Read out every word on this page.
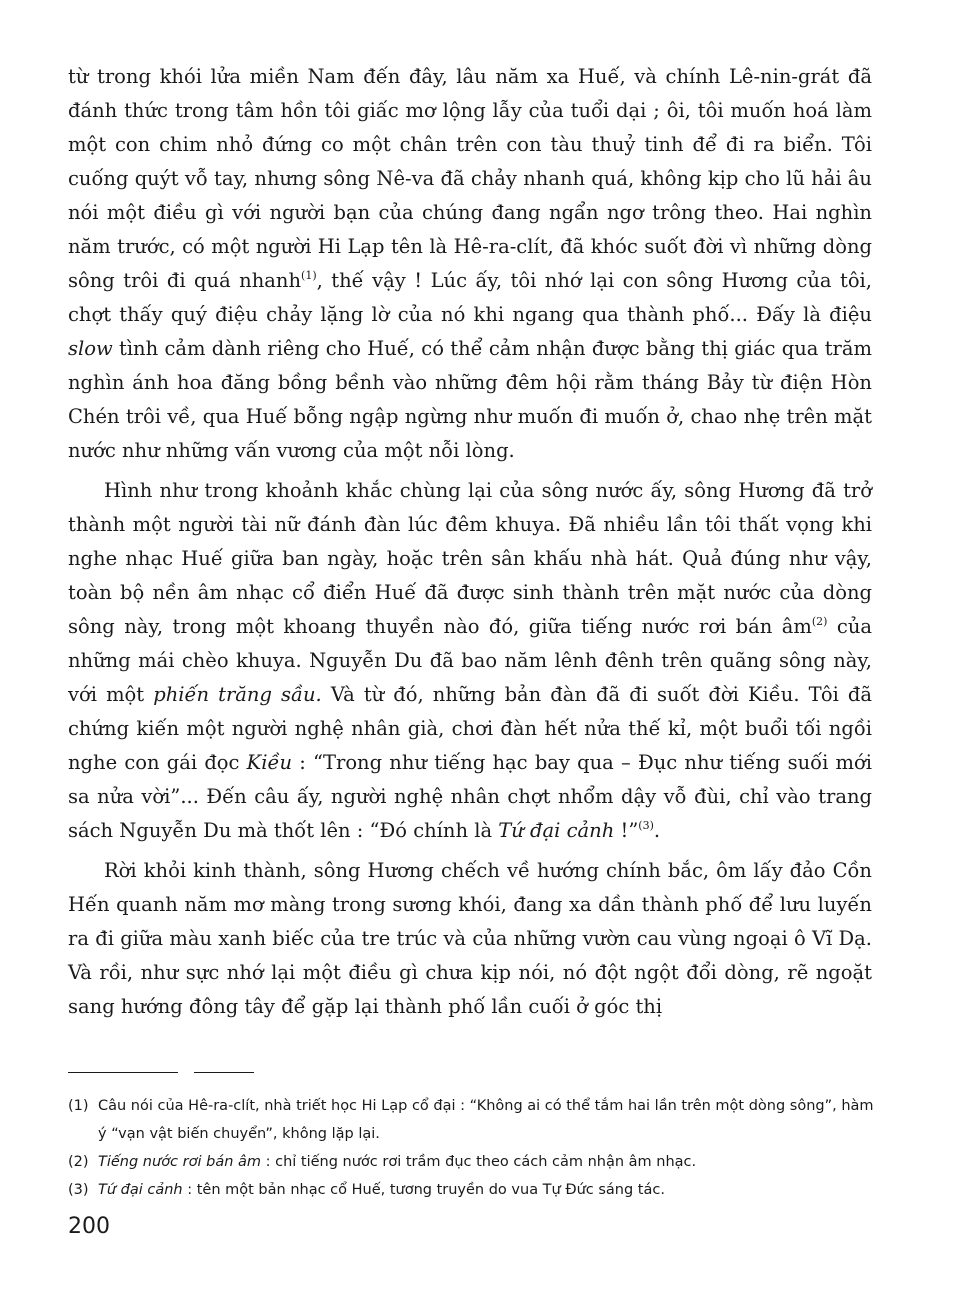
từ trong khói lửa miền Nam đến đây, lâu năm xa Huế, và chính Lê-nin-grát đã đánh thức trong tâm hồn tôi giấc mơ lộng lẫy của tuổi dại ; ôi, tôi muốn hoá làm một con chim nhỏ đứng co một chân trên con tàu thuỷ tinh để đi ra biển. Tôi cuống quýt vỗ tay, nhưng sông Nê-va đã chảy nhanh quá, không kịp cho lũ hải âu nói một điều gì với người bạn của chúng đang ngẩn ngơ trông theo. Hai nghìn năm trước, có một người Hi Lạp tên là Hê-ra-clít, đã khóc suốt đời vì những dòng sông trôi đi quá nhanh$^{(1)}$, thế vậy ! Lúc ấy, tôi nhớ lại con sông Hương của tôi, chợt thấy quý điệu chảy lặng lờ của nó khi ngang qua thành phố... Đấy là điệu slow tình cảm dành riêng cho Huế, có thể cảm nhận được bằng thị giác qua trăm nghìn ánh hoa đăng bồng bềnh vào những đêm hội rằm tháng Bảy từ điện Hòn Chén trôi về, qua Huế bỗng ngập ngừng như muốn đi muốn ở, chao nhẹ trên mặt nước như những vấn vương của một nỗi lòng.

Hình như trong khoảnh khắc chùng lại của sông nước ấy, sông Hương đã trở thành một người tài nữ đánh đàn lúc đêm khuya. Đã nhiều lần tôi thất vọng khi nghe nhạc Huế giữa ban ngày, hoặc trên sân khấu nhà hát. Quả đúng như vậy, toàn bộ nền âm nhạc cổ điển Huế đã được sinh thành trên mặt nước của dòng sông này, trong một khoang thuyền nào đó, giữa tiếng nước rơi bán $âm^{(2)}$ của những mái chèo khuya. Nguyễn Du đã bao năm lênh đênh trên quãng sông này, với một phiến trăng sầu. Và từ đó, những bản đàn đã đi suốt đời Kiều. Tôi đã chứng kiến một người nghệ nhân già, chơi đàn hết nửa thế kỉ, một buổi tối ngồi nghe con gái đọc Kiều : “Trong như tiếng hạc bay qua – Đục như tiếng suối mới sa nửa vời”... Đến câu ấy, người nghệ nhân chợt nhổm dậy vỗ đùi, chỉ vào trang sách Nguyễn Du mà thốt lên : “Đó chính là Tứ đại cảnh !”$^{(3)}$.

Rời khỏi kinh thành, sông Hương chếch về hướng chính bắc, ôm lấy đảo Cồn Hến quanh năm mơ màng trong sương khói, đang xa dần thành phố để lưu luyến ra đi giữa màu xanh biếc của tre trúc và của những vườn cau vùng ngoại ô Vĩ Dạ. Và rồi, như sực nhớ lại một điều gì chưa kịp nói, nó đột ngột đổi dòng, rẽ ngoặt sang hướng đông tây để gặp lại thành phố lần cuối ở góc thị

(1) Câu nói của Hê-ra-clít, nhà triết học Hi Lạp cổ đại : “Không ai có thể tắm hai lần trên một dòng sông”, hàm ý “vạn vật biến chuyển”, không lặp lại.

(2) Tiếng nước rơi bán âm : chỉ tiếng nước rơi trầm đục theo cách cảm nhận âm nhạc.

(3) Tứ đại cảnh : tên một bản nhạc cổ Huế, tương truyền do vua Tự Đức sáng tác.

200
